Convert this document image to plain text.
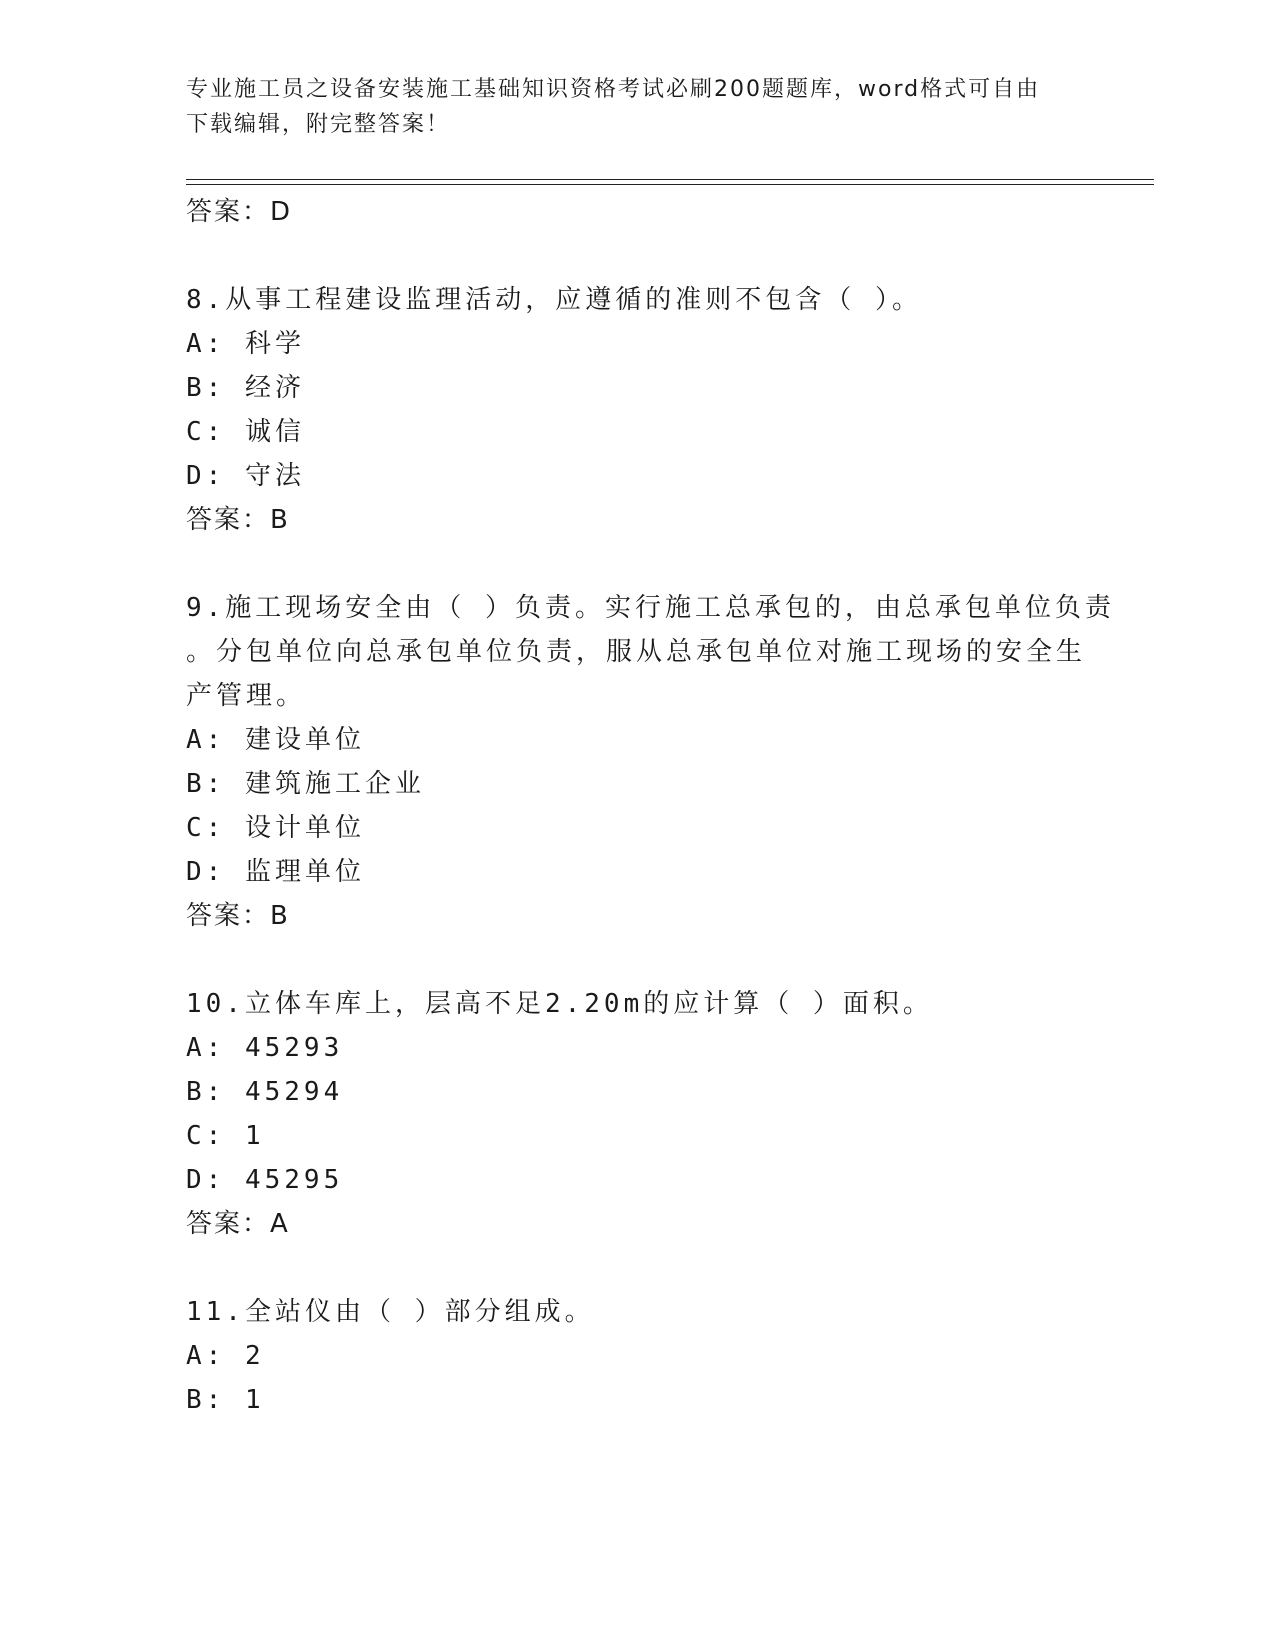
专业施工员之设备安装施工基础知识资格考试必刷200题题库，word格式可自由
下载编辑，附完整答案！
答案：D
8.从事工程建设监理活动，应遵循的准则不包含（ ）。
A: 科学
B: 经济
C: 诚信
D: 守法
答案：B
9.施工现场安全由（ ）负责。实行施工总承包的，由总承包单位负责
。分包单位向总承包单位负责，服从总承包单位对施工现场的安全生
产管理。
A: 建设单位
B: 建筑施工企业
C: 设计单位
D: 监理单位
答案：B
10.立体车库上，层高不足2.20m的应计算（ ）面积。
A: 45293
B: 45294
C: 1
D: 45295
答案：A
11.全站仪由（ ）部分组成。
A: 2
B: 1
